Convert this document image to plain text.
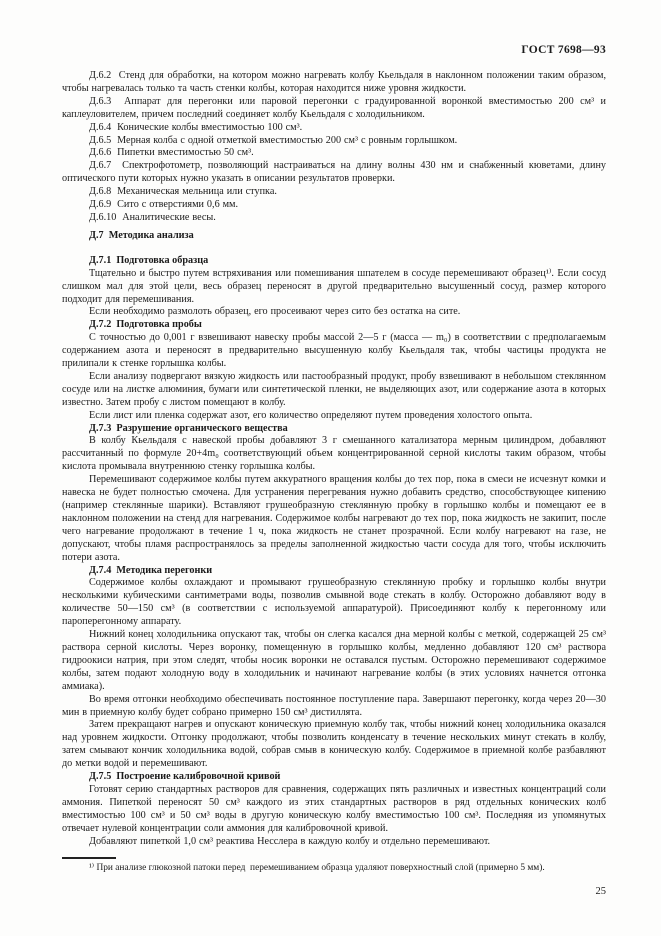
ГОСТ 7698—93
Д.6.2  Стенд для обработки, на котором можно нагревать колбу Кьельдаля в наклонном положении таким образом, чтобы нагревалась только та часть стенки колбы, которая находится ниже уровня жидкости.
Д.6.3  Аппарат для перегонки или паровой перегонки с градуированной воронкой вместимостью 200 см³ и каплеуловителем, причем последний соединяет колбу Кьельдаля с холодильником.
Д.6.4  Конические колбы вместимостью 100 см³.
Д.6.5  Мерная колба с одной отметкой вместимостью 200 см³ с ровным горлышком.
Д.6.6  Пипетки вместимостью 50 см³.
Д.6.7  Спектрофотометр, позволяющий настраиваться на длину волны 430 нм и снабженный кюветами, длину оптического пути которых нужно указать в описании результатов проверки.
Д.6.8  Механическая мельница или ступка.
Д.6.9  Сито с отверстиями 0,6 мм.
Д.6.10  Аналитические весы.
Д.7  Методика анализа
Д.7.1  Подготовка образца
Тщательно и быстро путем встряхивания или помешивания шпателем в сосуде перемешивают образец¹⁾. Если сосуд слишком мал для этой цели, весь образец переносят в другой предварительно высушенный сосуд, размер которого подходит для перемешивания.
Если необходимо размолоть образец, его просеивают через сито без остатка на сите.
Д.7.2  Подготовка пробы
С точностью до 0,001 г взвешивают навеску пробы массой 2—5 г (масса — m₀) в соответствии с предполагаемым содержанием азота и переносят в предварительно высушенную колбу Кьельдаля так, чтобы частицы продукта не прилипали к стенке горлышка колбы.
Если анализу подвергают вязкую жидкость или пастообразный продукт, пробу взвешивают в небольшом стеклянном сосуде или на листке алюминия, бумаги или синтетической пленки, не выделяющих азот, или содержание азота в которых известно. Затем пробу с листом помещают в колбу.
Если лист или пленка содержат азот, его количество определяют путем проведения холостого опыта.
Д.7.3  Разрушение органического вещества
В колбу Кьельдаля с навеской пробы добавляют 3 г смешанного катализатора мерным цилиндром, добавляют рассчитанный по формуле 20+4m₀ соответствующий объем концентрированной серной кислоты таким образом, чтобы кислота промывала внутреннюю стенку горлышка колбы.
Перемешивают содержимое колбы путем аккуратного вращения колбы до тех пор, пока в смеси не исчезнут комки и навеска не будет полностью смочена. Для устранения перегревания нужно добавить средство, способствующее кипению (например стеклянные шарики). Вставляют грушеобразную стеклянную пробку в горлышко колбы и помещают ее в наклонном положении на стенд для нагревания. Содержимое колбы нагревают до тех пор, пока жидкость не закипит, после чего нагревание продолжают в течение 1 ч, пока жидкость не станет прозрачной. Если колбу нагревают на газе, не допускают, чтобы пламя распространялось за пределы заполненной жидкостью части сосуда для того, чтобы исключить потери азота.
Д.7.4  Методика перегонки
Содержимое колбы охлаждают и промывают грушеобразную стеклянную пробку и горлышко колбы внутри несколькими кубическими сантиметрами воды, позволив смывной воде стекать в колбу. Осторожно добавляют воду в количестве 50—150 см³ (в соответствии с используемой аппаратурой). Присоединяют колбу к перегонному или пароперегонному аппарату.
Нижний конец холодильника опускают так, чтобы он слегка касался дна мерной колбы с меткой, содержащей 25 см³ раствора серной кислоты. Через воронку, помещенную в горлышко колбы, медленно добавляют 120 см³ раствора гидроокиси натрия, при этом следят, чтобы носик воронки не оставался пустым. Осторожно перемешивают содержимое колбы, затем подают холодную воду в холодильник и начинают нагревание колбы (в этих условиях начнется отгонка аммиака).
Во время отгонки необходимо обеспечивать постоянное поступление пара. Завершают перегонку, когда через 20—30 мин в приемную колбу будет собрано примерно 150 см³ дистиллята.
Затем прекращают нагрев и опускают коническую приемную колбу так, чтобы нижний конец холодильника оказался над уровнем жидкости. Отгонку продолжают, чтобы позволить конденсату в течение нескольких минут стекать в колбу, затем смывают кончик холодильника водой, собрав смыв в коническую колбу. Содержимое в приемной колбе разбавляют до метки водой и перемешивают.
Д.7.5  Построение калибровочной кривой
Готовят серию стандартных растворов для сравнения, содержащих пять различных и известных концентраций соли аммония. Пипеткой переносят 50 см³ каждого из этих стандартных растворов в ряд отдельных конических колб вместимостью 100 см³ и 50 см³ воды в другую коническую колбу вместимостью 100 см³. Последняя из упомянутых отвечает нулевой концентрации соли аммония для калибровочной кривой.
Добавляют пипеткой 1,0 см³ реактива Несслера в каждую колбу и отдельно перемешивают.
¹⁾ При анализе глюкозной патоки перед  перемешиванием образца удаляют поверхностный слой (примерно 5 мм).
25
